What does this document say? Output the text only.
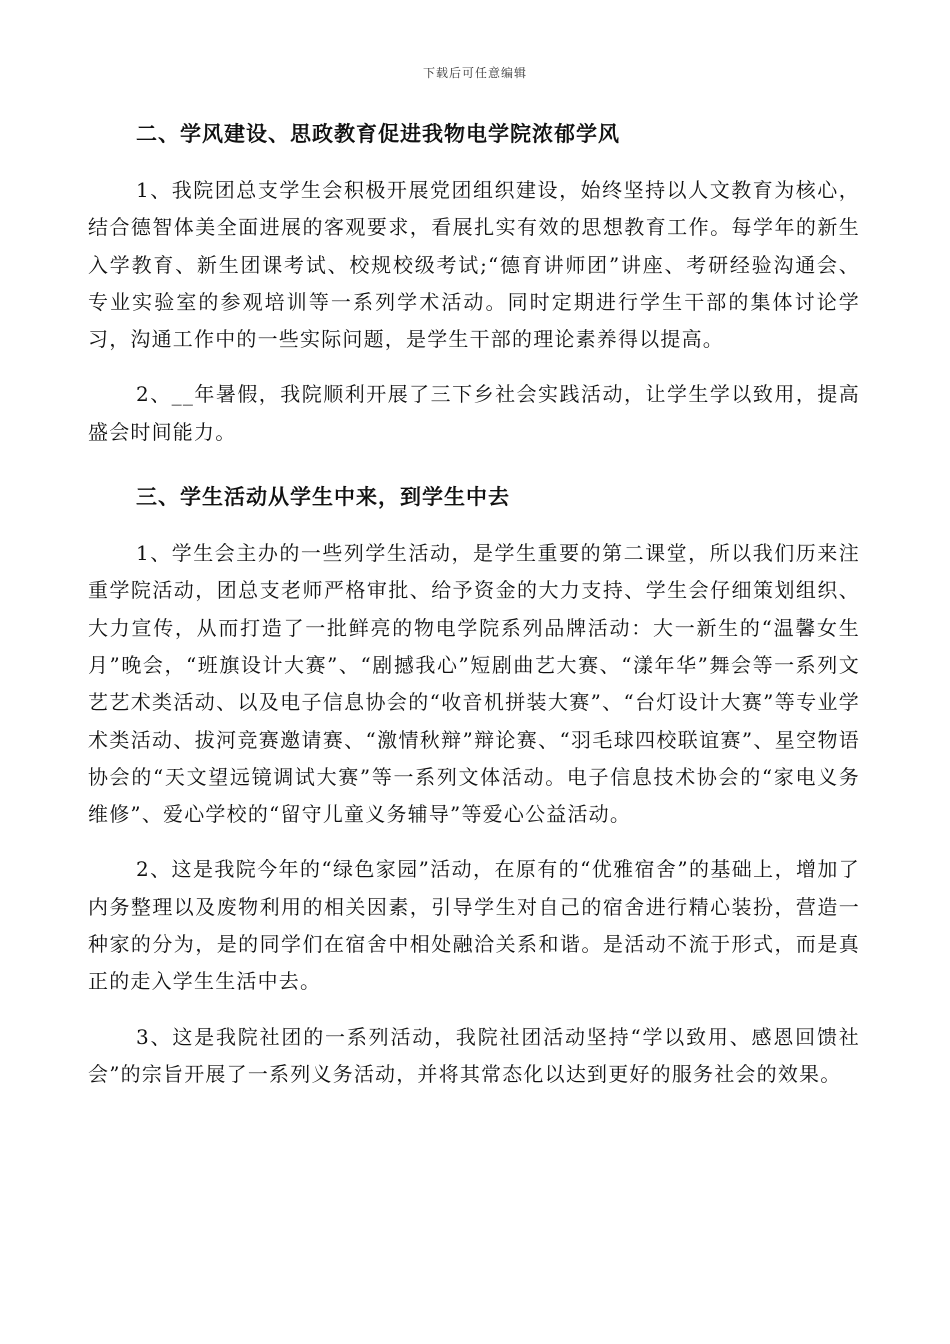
下载后可任意编辑
二、学风建设、思政教育促进我物电学院浓郁学风

1、我院团总支学生会积极开展党团组织建设，始终坚持以人文教育为核心，结合德智体美全面进展的客观要求，看展扎实有效的思想教育工作。每学年的新生入学教育、新生团课考试、校规校级考试;“德育讲师团”讲座、考研经验沟通会、专业实验室的参观培训等一系列学术活动。同时定期进行学生干部的集体讨论学习，沟通工作中的一些实际问题，是学生干部的理论素养得以提高。

2、__年暑假，我院顺利开展了三下乡社会实践活动，让学生学以致用，提高盛会时间能力。

三、学生活动从学生中来，到学生中去

1、学生会主办的一些列学生活动，是学生重要的第二课堂，所以我们历来注重学院活动，团总支老师严格审批、给予资金的大力支持、学生会仔细策划组织、大力宣传，从而打造了一批鲜亮的物电学院系列品牌活动：大一新生的“温馨女生月”晚会，“班旗设计大赛”、“剧撼我心”短剧曲艺大赛、“漾年华”舞会等一系列文艺艺术类活动、以及电子信息协会的“收音机拼装大赛”、“台灯设计大赛”等专业学术类活动、拔河竞赛邀请赛、“激情秋辩”辩论赛、“羽毛球四校联谊赛”、星空物语协会的“天文望远镜调试大赛”等一系列文体活动。电子信息技术协会的“家电义务维修”、爱心学校的“留守儿童义务辅导”等爱心公益活动。

2、这是我院今年的“绿色家园”活动，在原有的“优雅宿舍”的基础上，增加了内务整理以及废物利用的相关因素，引导学生对自己的宿舍进行精心装扮，营造一种家的分为，是的同学们在宿舍中相处融洽关系和谐。是活动不流于形式，而是真正的走入学生生活中去。

3、这是我院社团的一系列活动，我院社团活动坚持“学以致用、感恩回馈社会”的宗旨开展了一系列义务活动，并将其常态化以达到更好的服务社会的效果。
